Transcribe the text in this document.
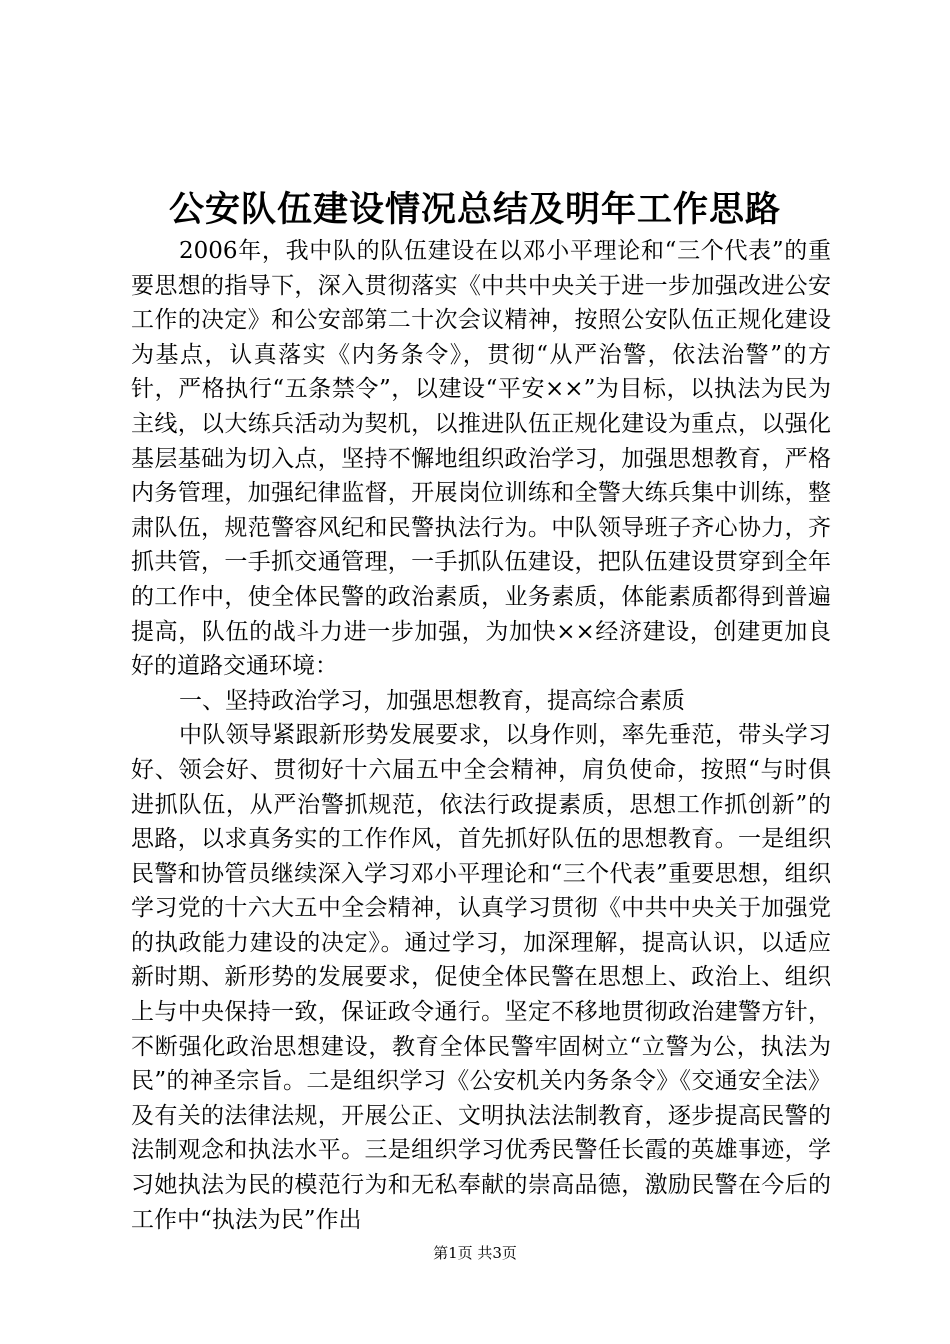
公安队伍建设情况总结及明年工作思路

2006年，我中队的队伍建设在以邓小平理论和“三个代表”的重要思想的指导下，深入贯彻落实《中共中央关于进一步加强改进公安工作的决定》和公安部第二十次会议精神，按照公安队伍正规化建设为基点，认真落实《内务条令》，贯彻“从严治警，依法治警”的方针，严格执行“五条禁令”，以建设“平安××”为目标，以执法为民为主线，以大练兵活动为契机，以推进队伍正规化建设为重点，以强化基层基础为切入点，坚持不懈地组织政治学习，加强思想教育，严格内务管理，加强纪律监督，开展岗位训练和全警大练兵集中训练，整肃队伍，规范警容风纪和民警执法行为。中队领导班子齐心协力，齐抓共管，一手抓交通管理，一手抓队伍建设，把队伍建设贯穿到全年的工作中，使全体民警的政治素质，业务素质，体能素质都得到普遍提高，队伍的战斗力进一步加强，为加快××经济建设，创建更加良好的道路交通环境：

一、坚持政治学习，加强思想教育，提高综合素质

中队领导紧跟新形势发展要求，以身作则，率先垂范，带头学习好、领会好、贯彻好十六届五中全会精神，肩负使命，按照“与时俱进抓队伍，从严治警抓规范，依法行政提素质，思想工作抓创新”的思路，以求真务实的工作作风，首先抓好队伍的思想教育。一是组织民警和协管员继续深入学习邓小平理论和“三个代表”重要思想，组织学习党的十六大五中全会精神，认真学习贯彻《中共中央关于加强党的执政能力建设的决定》。通过学习，加深理解，提高认识，以适应新时期、新形势的发展要求，促使全体民警在思想上、政治上、组织上与中央保持一致，保证政令通行。坚定不移地贯彻政治建警方针，不断强化政治思想建设，教育全体民警牢固树立“立警为公，执法为民”的神圣宗旨。二是组织学习《公安机关内务条令》《交通安全法》及有关的法律法规，开展公正、文明执法法制教育，逐步提高民警的法制观念和执法水平。三是组织学习优秀民警任长霞的英雄事迹，学习她执法为民的模范行为和无私奉献的崇高品德，激励民警在今后的工作中“执法为民”作出

第1页 共3页
